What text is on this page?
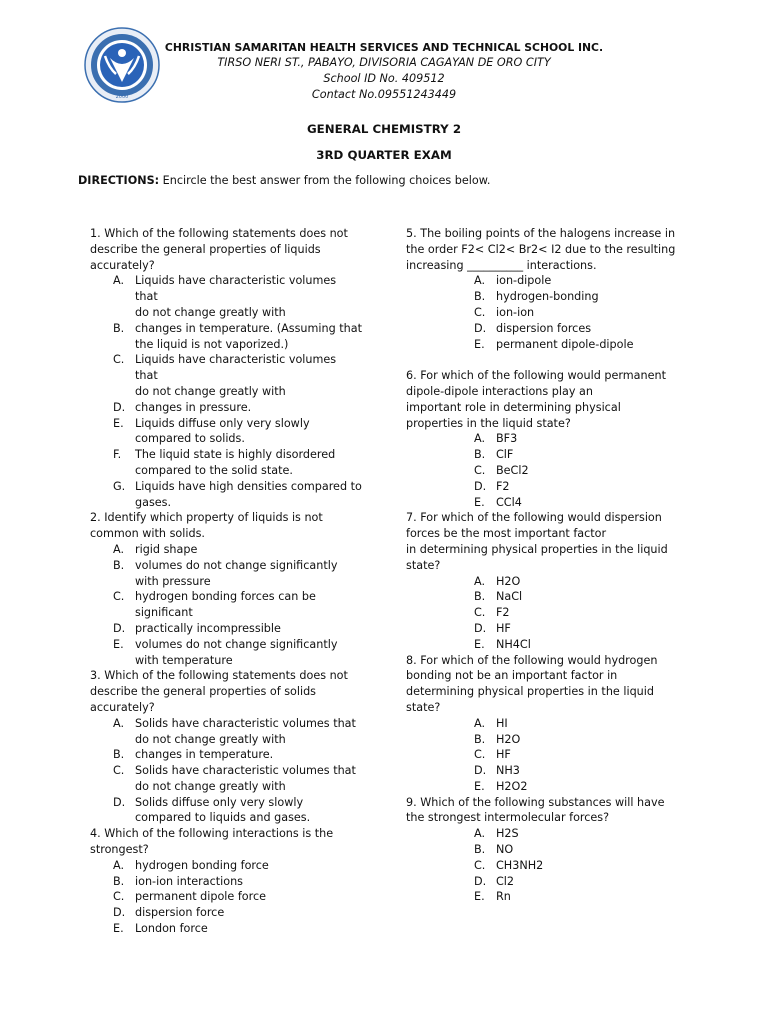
2000
CHRISTIAN SAMARITAN HEALTH SERVICES AND TECHNICAL SCHOOL INC.
TIRSO NERI ST., PABAYO, DIVISORIA CAGAYAN DE ORO CITY
School ID No. 409512
Contact No.09551243449
GENERAL CHEMISTRY 2
3RD QUARTER EXAM
DIRECTIONS: Encircle the best answer from the following choices below.
1. Which of the following statements does not
describe the general properties of liquids
accurately?
A. Liquids have characteristic volumes that
do not change greatly with
B. changes in temperature. (Assuming that
the liquid is not vaporized.)
C. Liquids have characteristic volumes that
do not change greatly with
D. changes in pressure.
E.	Liquids diffuse only very slowly
compared to solids.
F.	The liquid state is highly disordered
compared to the solid state.
G. Liquids have high densities compared to
gases.
2. Identify which property of liquids is not
common with solids.
A. rigid shape
B. volumes do not change significantly
with pressure
C. hydrogen bonding forces can be
significant
D. practically incompressible
E.	volumes do not change significantly
with temperature
3. Which of the following statements does not
describe the general properties of solids
accurately?
A. Solids have characteristic volumes that
do not change greatly with
B. changes in temperature.
C. Solids have characteristic volumes that
do not change greatly with
D. Solids diffuse only very slowly
compared to liquids and gases.
4. Which of the following interactions is the
strongest?
A. hydrogen bonding force
B. ion-ion interactions
C. permanent dipole force
D. dispersion force
E.	London force
5. The boiling points of the halogens increase in
the order F2< Cl2< Br2< I2 due to the resulting
increasing __________ interactions.
A. ion-dipole
B. hydrogen-bonding
C. ion-ion
D. dispersion forces
E.	permanent dipole-dipole
6. For which of the following would permanent
dipole-dipole interactions play an
important role in determining physical
properties in the liquid state?
A. BF3
B. ClF
C. BeCl2
D. F2
E.	CCl4
7. For which of the following would dispersion
forces be the most important factor
in determining physical properties in the liquid
state?
A. H2O
B. NaCl
C. F2
D. HF
E.	NH4Cl
8. For which of the following would hydrogen
bonding not be an important factor in
determining physical properties in the liquid
state?
A. HI
B. H2O
C. HF
D. NH3
E.	H2O2
9. Which of the following substances will have
the strongest intermolecular forces?
A. H2S
B. NO
C. CH3NH2
D. Cl2
E.	Rn
